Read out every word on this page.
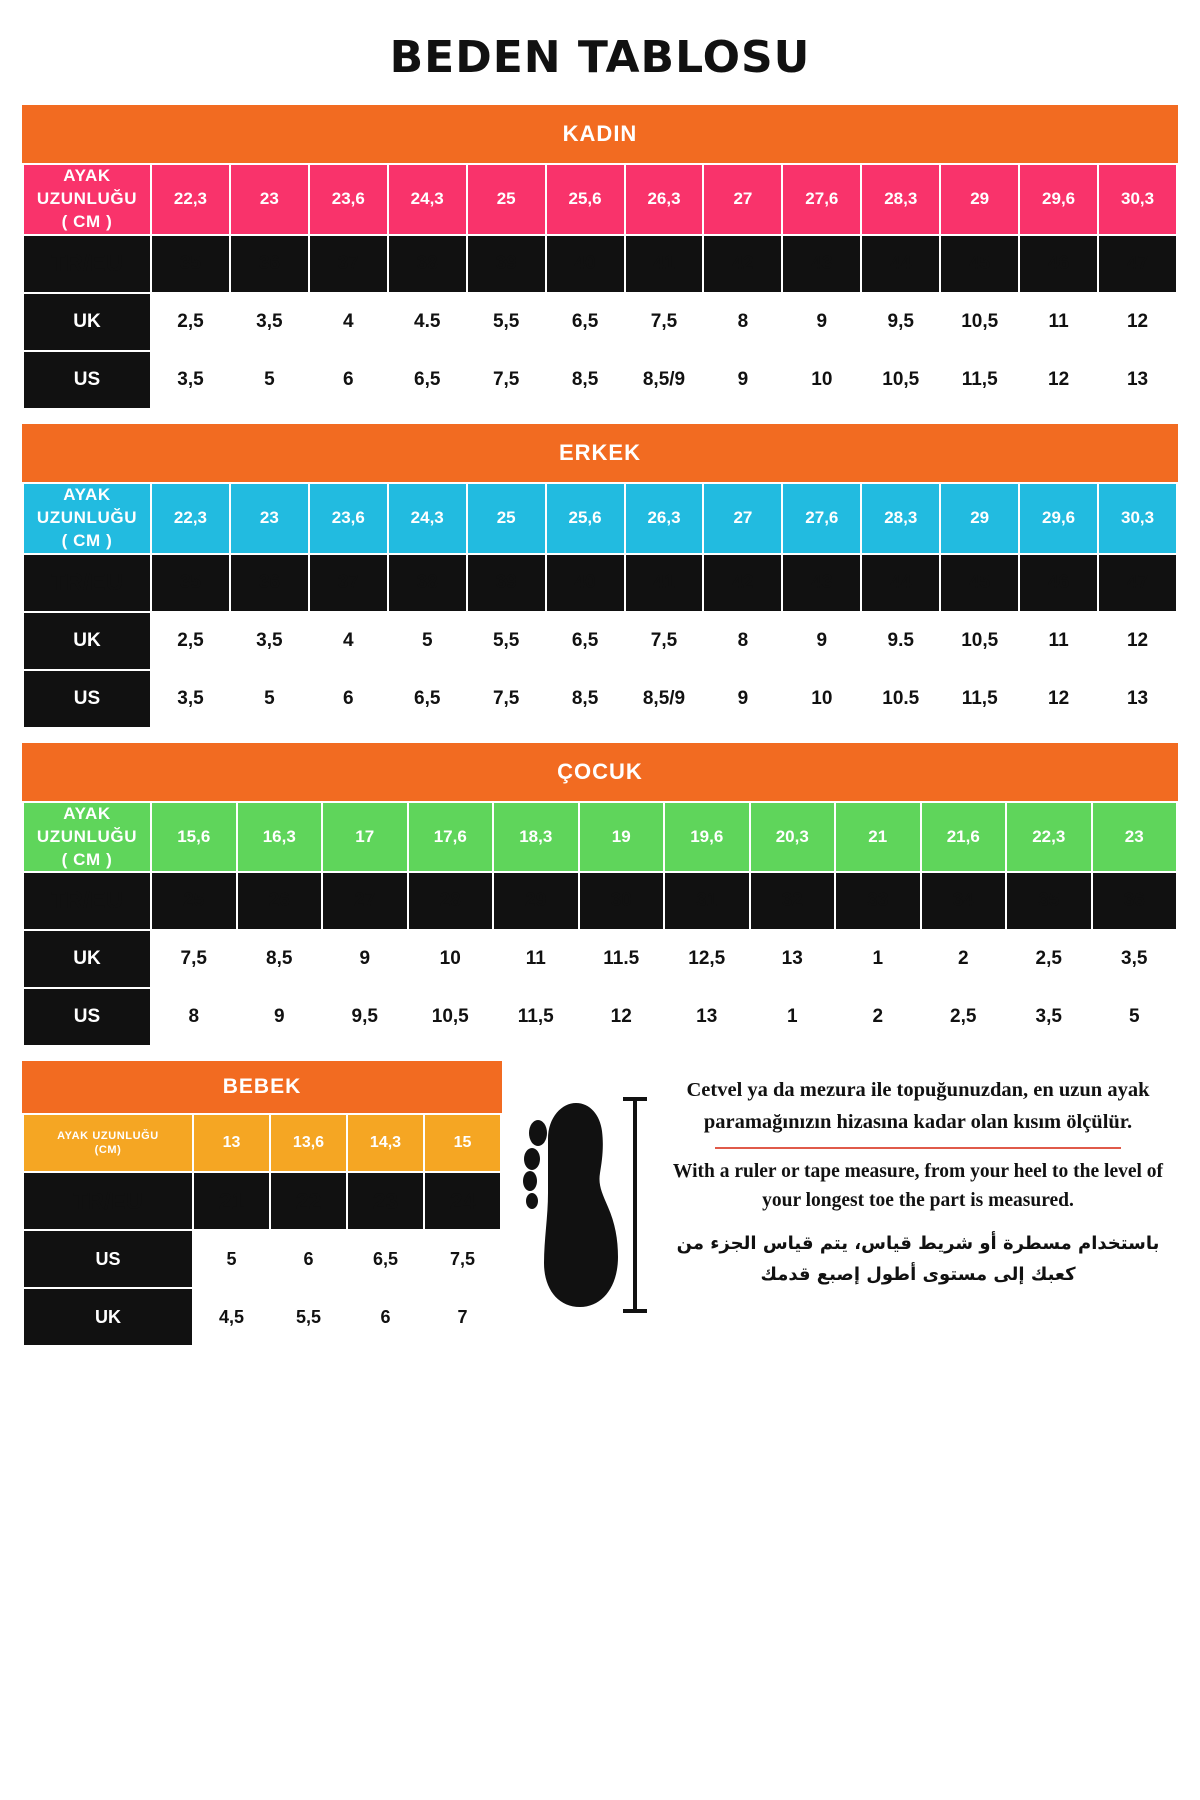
BEDEN TABLOSU
KADIN
AYAK
UZUNLUĞU
( CM )	22,3	23	23,6	24,3	25	25,6	26,3	27	27,6	28,3	29	29,6	30,3
TR/EU	35	36	37	38	39	40	41	42	43	44	45	46	47
UK	2,5	3,5	4	4.5	5,5	6,5	7,5	8	9	9,5	10,5	11	12
US	3,5	5	6	6,5	7,5	8,5	8,5/9	9	10	10,5	11,5	12	13
ERKEK
AYAK
UZUNLUĞU
( CM )	22,3	23	23,6	24,3	25	25,6	26,3	27	27,6	28,3	29	29,6	30,3
TR/EU	35	36	37	38	39	40	41	42	43	44	45	46	47
UK	2,5	3,5	4	5	5,5	6,5	7,5	8	9	9.5	10,5	11	12
US	3,5	5	6	6,5	7,5	8,5	8,5/9	9	10	10.5	11,5	12	13
ÇOCUK
AYAK
UZUNLUĞU
( CM )	15,6	16,3	17	17,6	18,3	19	19,6	20,3	21	21,6	22,3	23
TR/EU	25	26	27	28	29	30	31	32	33	34	35	36
UK	7,5	8,5	9	10	11	11.5	12,5	13	1	2	2,5	3,5
US	8	9	9,5	10,5	11,5	12	13	1	2	2,5	3,5	5
BEBEK
AYAK UZUNLUĞU
(CM)	13	13,6	14,3	15
TR/EU	21	22	23	24
US	5	6	6,5	7,5
UK	4,5	5,5	6	7
Cetvel ya da mezura ile topuğunuzdan, en uzun ayak paramağınızın hizasına kadar olan kısım ölçülür.
With a ruler or tape measure, from your heel to the level of your longest toe the part is measured.
باستخدام مسطرة أو شريط قياس، يتم قياس الجزء من كعبك إلى مستوى أطول إصبع قدمك
